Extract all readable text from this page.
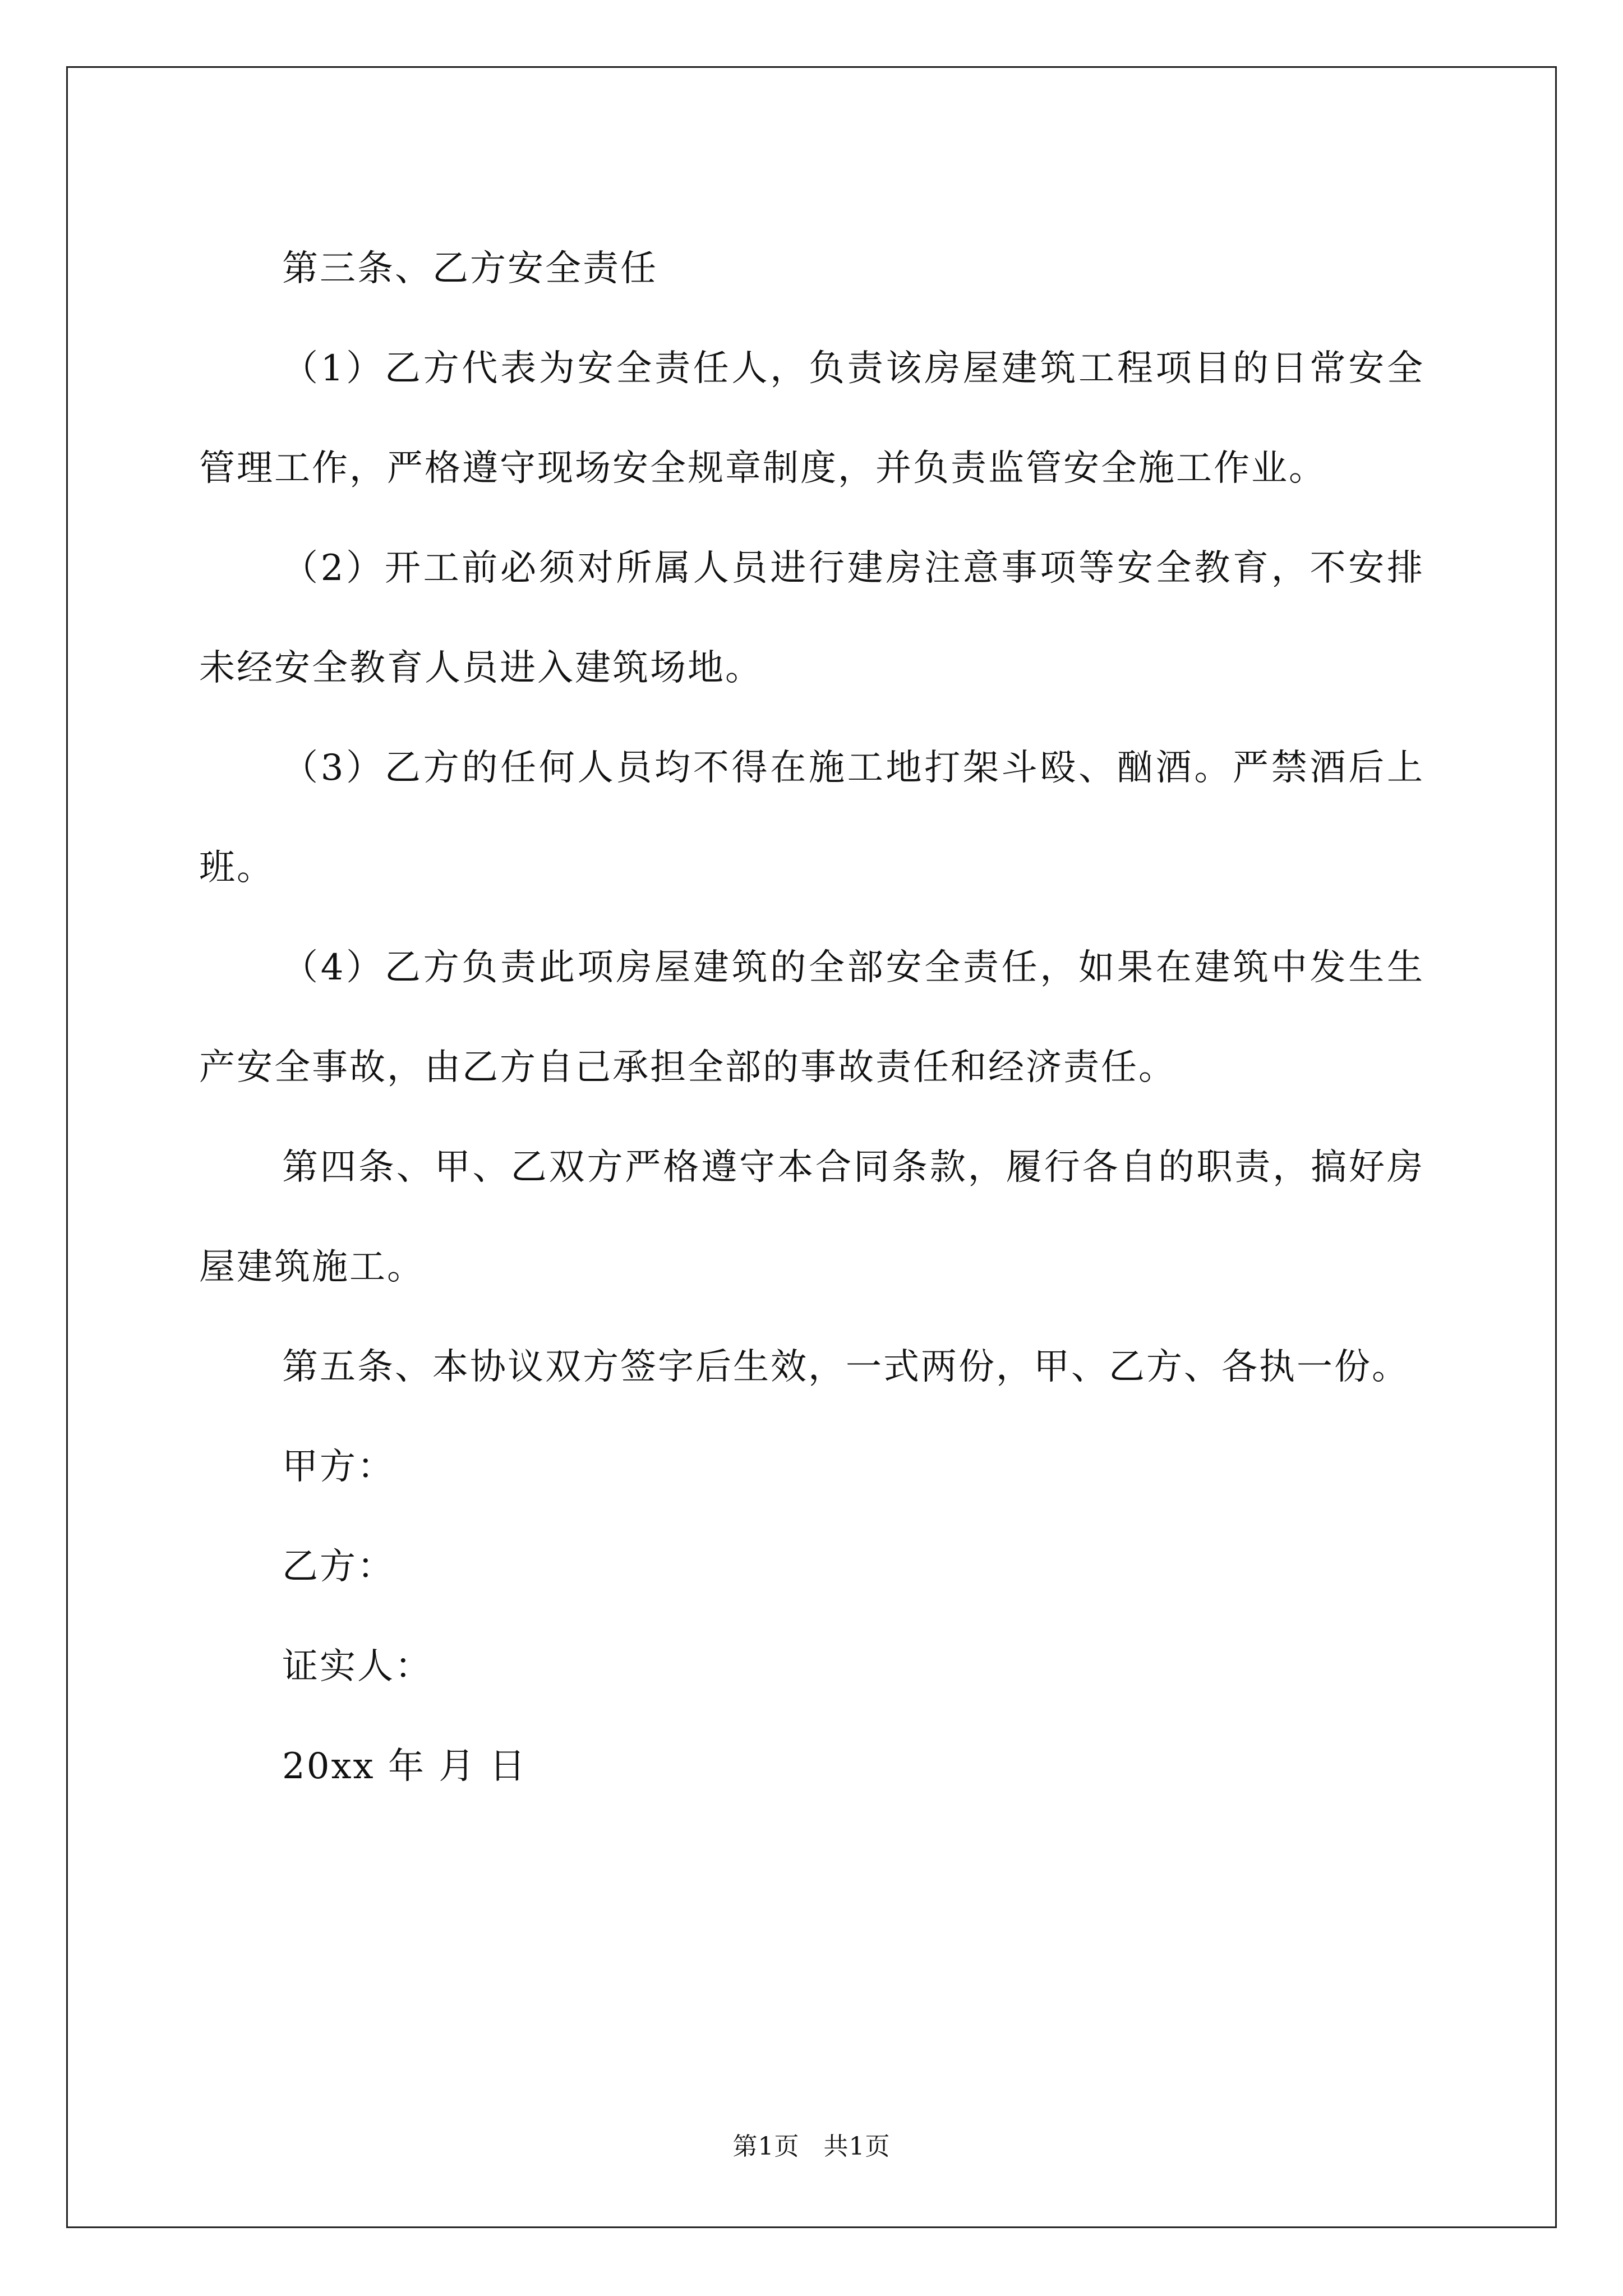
第三条、乙方安全责任

（1）乙方代表为安全责任人，负责该房屋建筑工程项目的日常安全管理工作，严格遵守现场安全规章制度，并负责监管安全施工作业。

（2）开工前必须对所属人员进行建房注意事项等安全教育，不安排未经安全教育人员进入建筑场地。

（3）乙方的任何人员均不得在施工地打架斗殴、酗酒。严禁酒后上班。

（4）乙方负责此项房屋建筑的全部安全责任，如果在建筑中发生生产安全事故，由乙方自己承担全部的事故责任和经济责任。

第四条、甲、乙双方严格遵守本合同条款，履行各自的职责，搞好房屋建筑施工。

第五条、本协议双方签字后生效，一式两份，甲、乙方、各执一份。

甲方：

乙方：

证实人：

20xx 年 月 日

第1页 共1页
